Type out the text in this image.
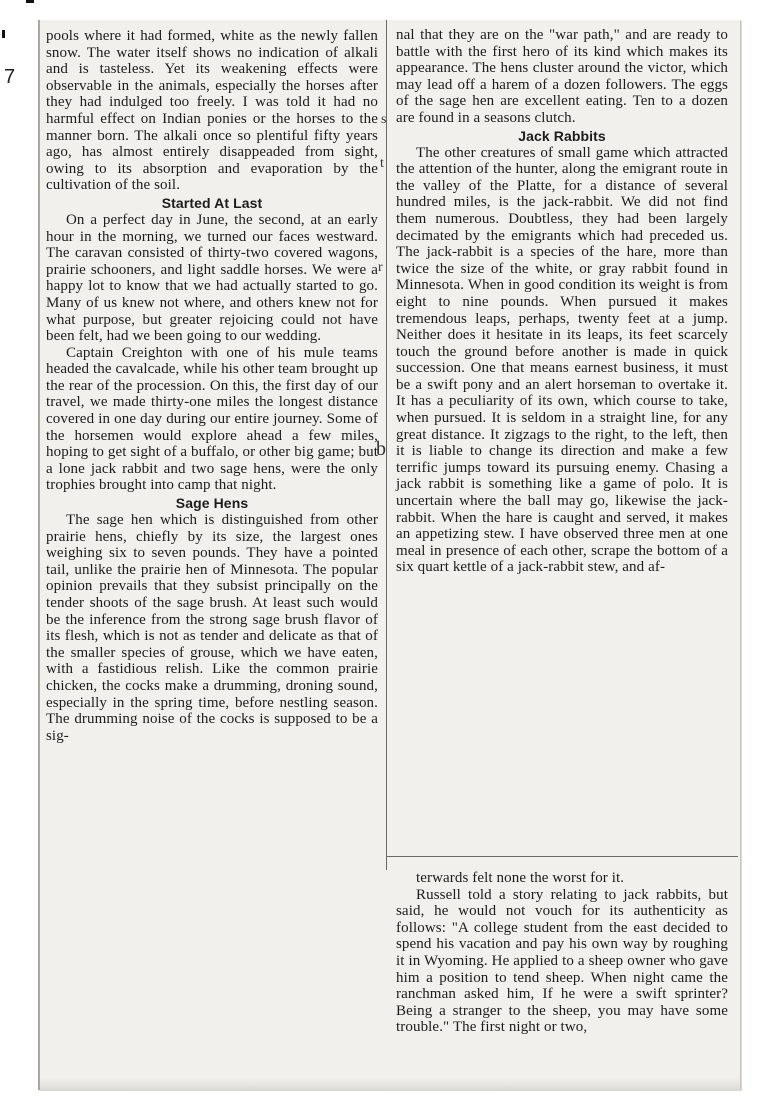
7

pools where it had formed, white as the newly fallen snow. The water itself shows no indication of alkali and is tasteless. Yet its weakening effects were observable in the animals, especially the horses after they had indulged too freely. I was told it had no harmful effect on Indian ponies or the horses to the manner born. The alkali once so plentiful fifty years ago, has almost entirely disappeaded from sight, owing to its absorption and evaporation by the cultivation of the soil.

Started At Last

On a perfect day in June, the second, at an early hour in the morning, we turned our faces westward. The caravan consisted of thirty-two covered wagons, prairie schooners, and light saddle horses. We were a happy lot to know that we had actually started to go. Many of us knew not where, and others knew not for what purpose, but greater rejoicing could not have been felt, had we been going to our wedding.

Captain Creighton with one of his mule teams headed the cavalcade, while his other team brought up the rear of the procession. On this, the first day of our travel, we made thirty-one miles the longest distance covered in one day during our entire journey. Some of the horsemen would explore ahead a few miles, hoping to get sight of a buffalo, or other big game; but a lone jack rabbit and two sage hens, were the only trophies brought into camp that night.

Sage Hens

The sage hen which is distinguished from other prairie hens, chiefly by its size, the largest ones weighing six to seven pounds. They have a pointed tail, unlike the prairie hen of Minnesota. The popular opinion prevails that they subsist principally on the tender shoots of the sage brush. At least such would be the inference from the strong sage brush flavor of its flesh, which is not as tender and delicate as that of the smaller species of grouse, which we have eaten, with a fastidious relish. Like the common prairie chicken, the cocks make a drumming, droning sound, especially in the spring time, before nestling season. The drumming noise of the cocks is supposed to be a sig-

nal that they are on the "war path," and are ready to battle with the first hero of its kind which makes its appearance. The hens cluster around the victor, which may lead off a harem of a dozen followers. The eggs of the sage hen are excellent eating. Ten to a dozen are found in a seasons clutch.

Jack Rabbits

The other creatures of small game which attracted the attention of the hunter, along the emigrant route in the valley of the Platte, for a distance of several hundred miles, is the jack-rabbit. We did not find them numerous. Doubtless, they had been largely decimated by the emigrants which had preceded us. The jack-rabbit is a species of the hare, more than twice the size of the white, or gray rabbit found in Minnesota. When in good condition its weight is from eight to nine pounds. When pursued it makes tremendous leaps, perhaps, twenty feet at a jump. Neither does it hesitate in its leaps, its feet scarcely touch the ground before another is made in quick succession. One that means earnest business, it must be a swift pony and an alert horseman to overtake it. It has a peculiarity of its own, which course to take, when pursued. It is seldom in a straight line, for any great distance. It zigzags to the right, to the left, then it is liable to change its direction and make a few terrific jumps toward its pursuing enemy. Chasing a jack rabbit is something like a game of polo. It is uncertain where the ball may go, likewise the jack-rabbit. When the hare is caught and served, it makes an appetizing stew. I have observed three men at one meal in presence of each other, scrape the bottom of a six quart kettle of a jack-rabbit stew, and af-

terwards felt none the worst for it.

Russell told a story relating to jack rabbits, but said, he would not vouch for its authenticity as follows: "A college student from the east decided to spend his vacation and pay his own way by roughing it in Wyoming. He applied to a sheep owner who gave him a position to tend sheep. When night came the ranchman asked him, If he were a swift sprinter? Being a stranger to the sheep, you may have some trouble." The first night or two,

s
t
r
b
